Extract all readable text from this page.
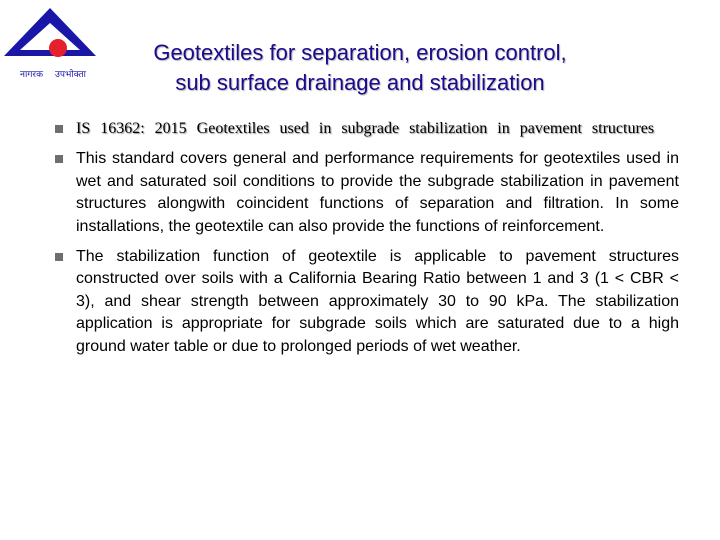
नागरक उपभोक्ता
Geotextiles for separation, erosion control,
sub surface drainage and stabilization
IS 16362: 2015 Geotextiles used in subgrade stabilization in pavement structures
This standard covers general and performance requirements for geotextiles used in wet and saturated soil conditions to provide the subgrade stabilization in pavement structures alongwith coincident functions of separation and filtration. In some installations, the geotextile can also provide the functions of reinforcement.
The stabilization function of geotextile is applicable to pavement structures constructed over soils with a California Bearing Ratio between 1 and 3 (1 < CBR < 3), and shear strength between approximately 30 to 90 kPa. The stabilization application is appropriate for subgrade soils which are saturated due to a high ground water table or due to prolonged periods of wet weather.
